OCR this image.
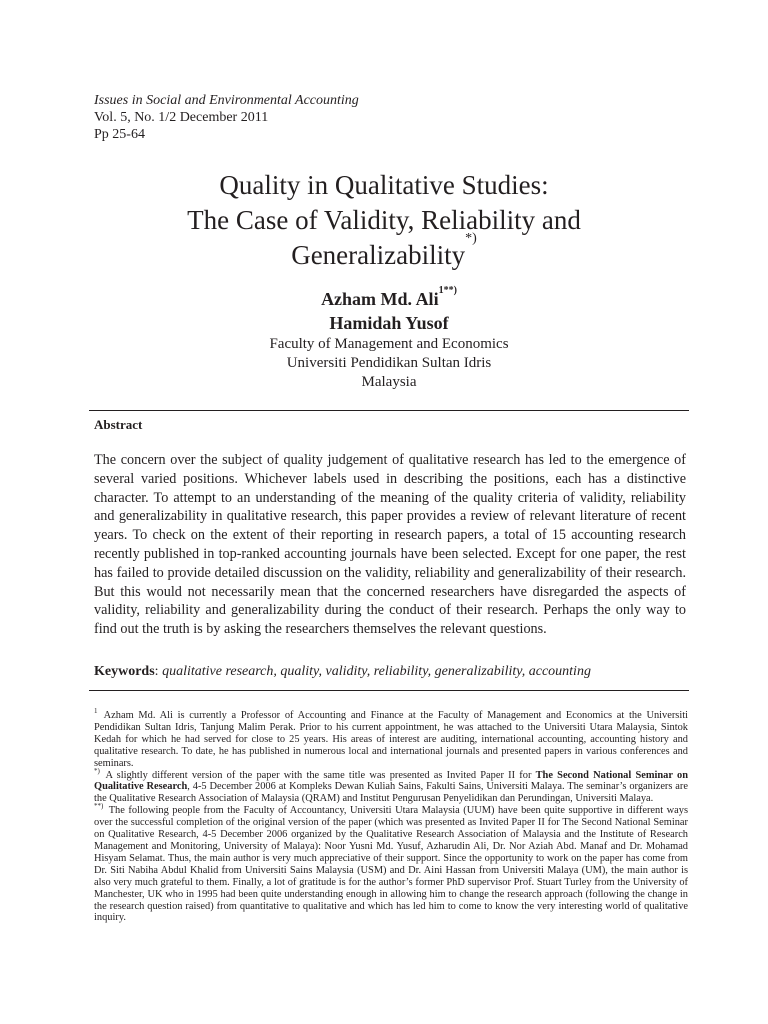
Issues in Social and Environmental Accounting
Vol. 5, No. 1/2 December 2011
Pp 25-64
Quality in Qualitative Studies:
The Case of Validity, Reliability and
Generalizability*)
Azham Md. Ali$^{1**)}$
Hamidah Yusof
Faculty of Management and Economics
Universiti Pendidikan Sultan Idris
Malaysia
Abstract

The concern over the subject of quality judgement of qualitative research has led to the emergence of several varied positions. Whichever labels used in describing the positions, each has a distinctive character. To attempt to an understanding of the meaning of the quality criteria of validity, reliability and generalizability in qualitative research, this paper provides a review of relevant literature of recent years. To check on the extent of their reporting in research papers, a total of 15 accounting research recently published in top-ranked accounting journals have been selected. Except for one paper, the rest has failed to provide detailed discussion on the validity, reliability and generalizability of their research. But this would not necessarily mean that the concerned researchers have disregarded the aspects of validity, reliability and generalizability during the conduct of their research. Perhaps the only way to find out the truth is by asking the researchers themselves the relevant questions.

Keywords: qualitative research, quality, validity, reliability, generalizability, accounting

$^1$ Azham Md. Ali is currently a Professor of Accounting and Finance at the Faculty of Management and Economics at the Universiti Pendidikan Sultan Idris, Tanjung Malim Perak. Prior to his current appointment, he was attached to the Universiti Utara Malaysia, Sintok Kedah for which he had served for close to 25 years. His areas of interest are auditing, international accounting, accounting history and qualitative research. To date, he has published in numerous local and international journals and presented papers in various conferences and seminars.

*) A slightly different version of the paper with the same title was presented as Invited Paper II for The Second National Seminar on Qualitative Research, 4-5 December 2006 at Kompleks Dewan Kuliah Sains, Fakulti Sains, Universiti Malaya. The seminar’s organizers are the Qualitative Research Association of Malaysia (QRAM) and Institut Pengurusan Penyelidikan dan Perundingan, Universiti Malaya.

**) The following people from the Faculty of Accountancy, Universiti Utara Malaysia (UUM) have been quite supportive in different ways over the successful completion of the original version of the paper (which was presented as Invited Paper II for The Second National Seminar on Qualitative Research, 4-5 December 2006 organized by the Qualitative Research Association of Malaysia and the Institute of Research Management and Monitoring, University of Malaya): Noor Yusni Md. Yusuf, Azharudin Ali, Dr. Nor Aziah Abd. Manaf and Dr. Mohamad Hisyam Selamat. Thus, the main author is very much appreciative of their support. Since the opportunity to work on the paper has come from Dr. Siti Nabiha Abdul Khalid from Universiti Sains Malaysia (USM) and Dr. Aini Hassan from Universiti Malaya (UM), the main author is also very much grateful to them. Finally, a lot of gratitude is for the author’s former PhD supervisor Prof. Stuart Turley from the University of Manchester, UK who in 1995 had been quite understanding enough in allowing him to change the research approach (following the change in the research question raised) from quantitative to qualitative and which has led him to come to know the very interesting world of qualitative inquiry.
